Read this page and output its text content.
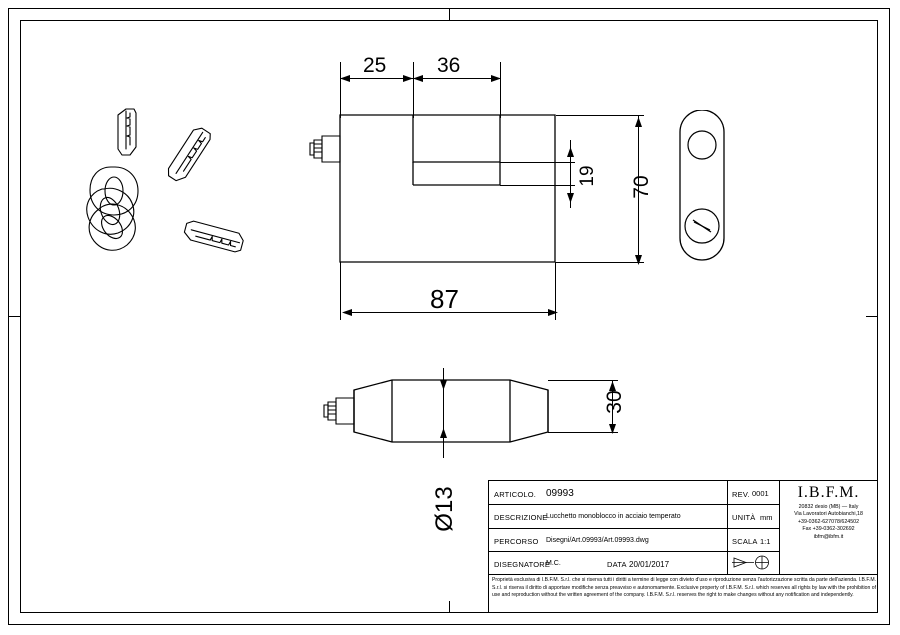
25 36
19 70
87
30
Ø13	ARTICOLO. 09993
DESCRIZIONE
Lucchetto monoblocco in acciaio temperato
PERCORSO Disegni/Art.09993/Art.09993.dwg
DISEGNATORE
M.C.
REV. 0001
UNITÀ mm
SCALA 1:1
DATA 20/01/2017
I.B.F.M.
20832 desio (MB) — Italy
Via Lavoratori Autobianchi,18
+39-0362-627078/624502
Fax +39-0362-302692
ibfm@ibfm.it
Proprietà esclusiva di I.B.F.M. S.r.l. che si riserva tutti i diritti a termine di legge con divieto d'uso e riproduzione senza l'autorizzazione scritta da parte dell'azienda. I.B.F.M. S.r.l. si riserva il diritto di apportare modifiche senza preavviso e autonomamente. Exclusive property of I.B.F.M. S.r.l. which reserves all rights by law with the prohibition of use and reproduction without the written agreement of the company. I.B.F.M. S.r.l. reserves the right to make changes without any notification and independently.
